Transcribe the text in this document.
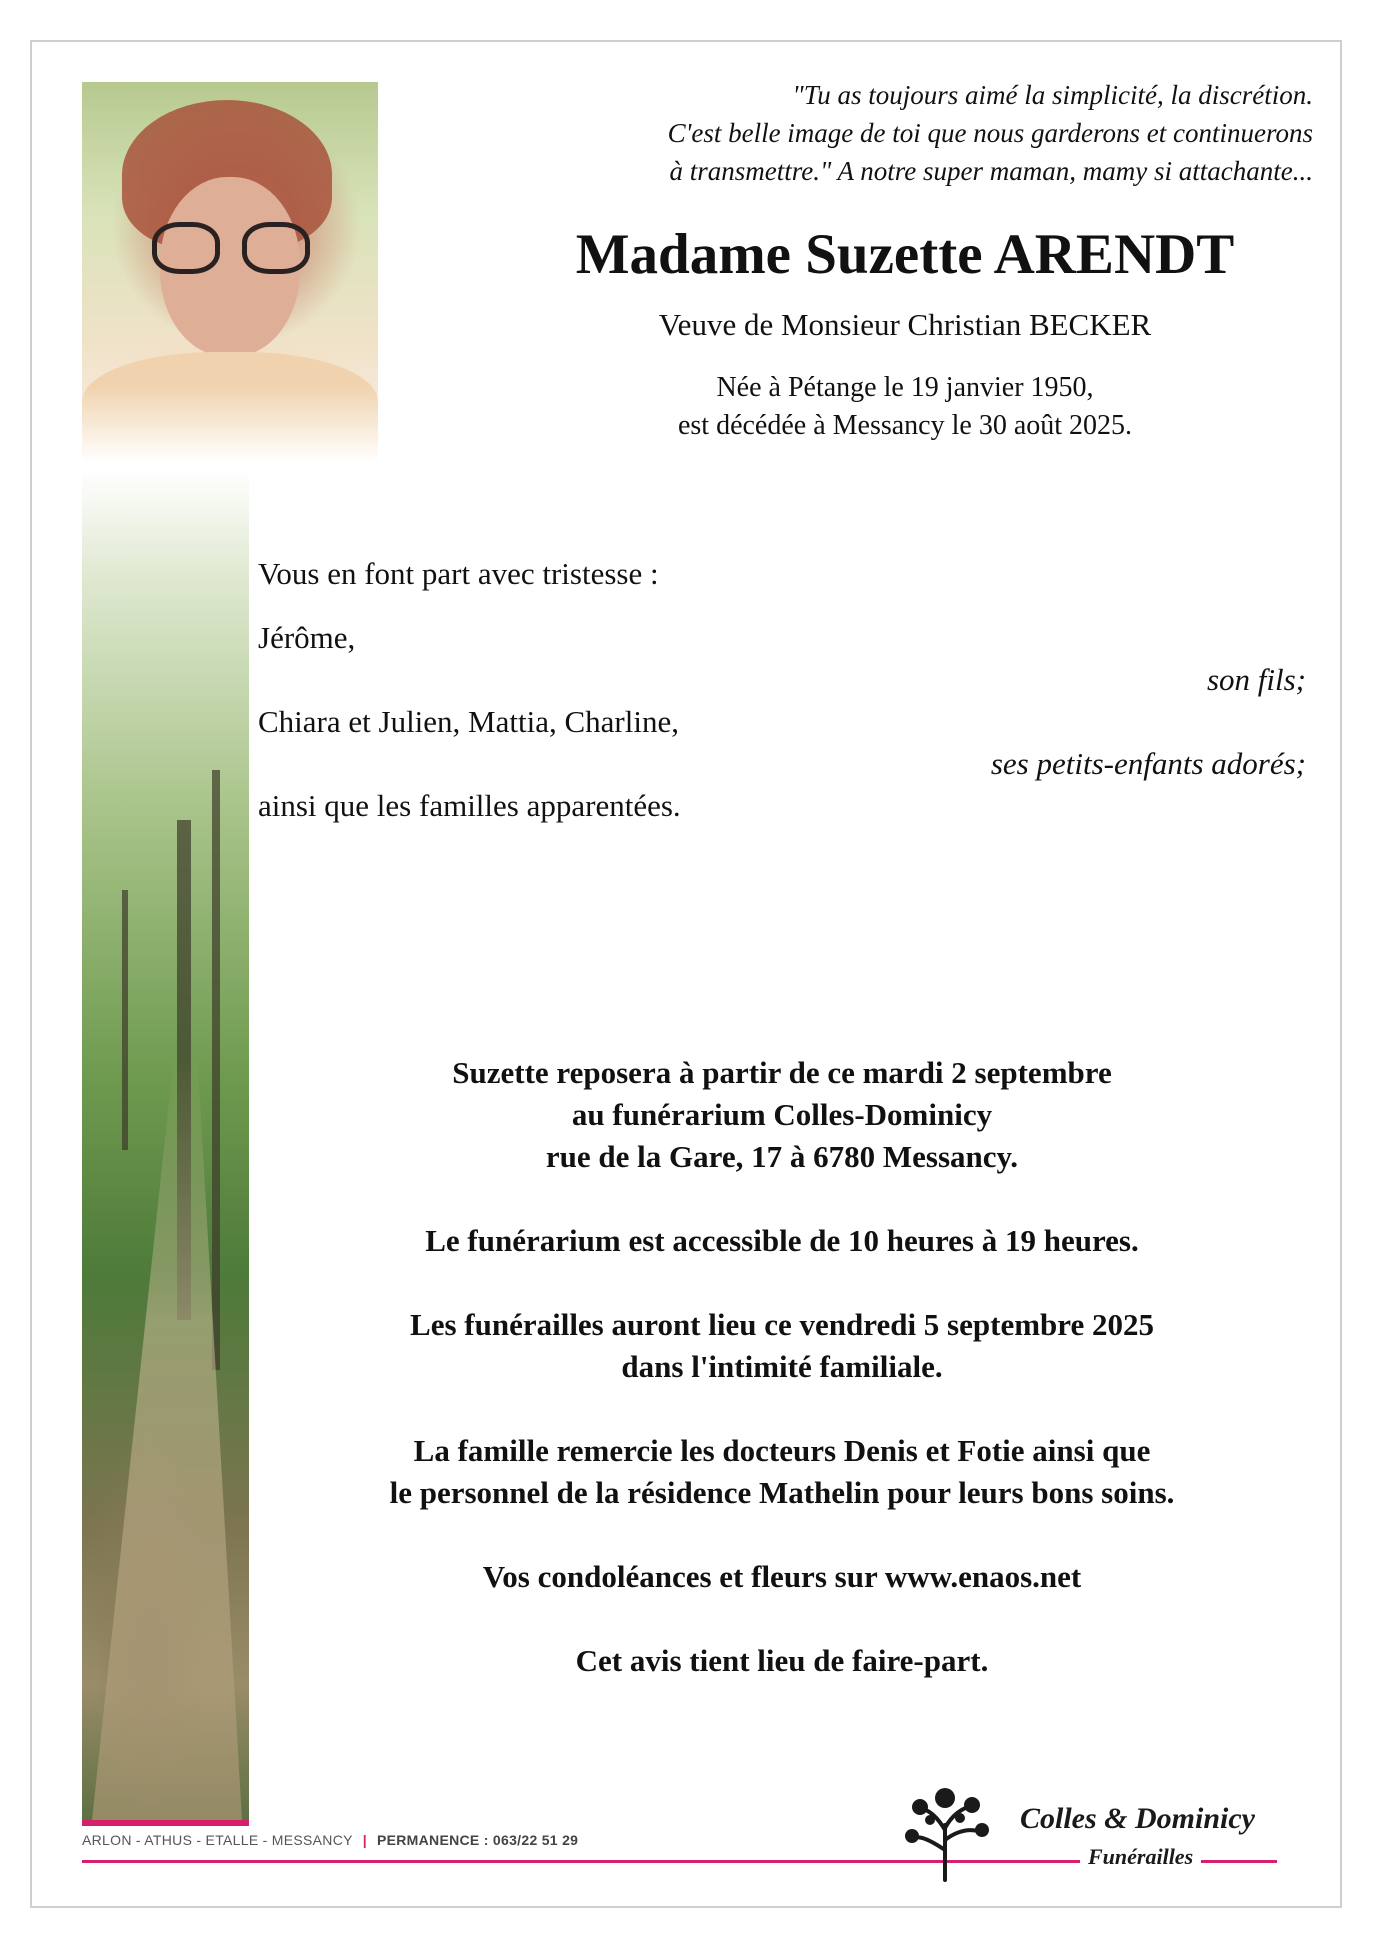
"Tu as toujours aimé la simplicité, la discrétion.
C'est belle image de toi que nous garderons et continuerons
à transmettre." A notre super maman, mamy si attachante...
Madame Suzette ARENDT
Veuve de Monsieur Christian BECKER
Née à Pétange le 19 janvier 1950,
est décédée à Messancy le 30 août 2025.
Vous en font part avec tristesse :
Jérôme,
son fils;
Chiara et Julien, Mattia, Charline,
ses petits-enfants adorés;
ainsi que les familles apparentées.

Suzette reposera à partir de ce mardi 2 septembre
au funérarium Colles-Dominicy
rue de la Gare, 17 à 6780 Messancy.

Le funérarium est accessible de 10 heures à 19 heures.

Les funérailles auront lieu ce vendredi 5 septembre 2025
dans l'intimité familiale.

La famille remercie les docteurs Denis et Fotie ainsi que
le personnel de la résidence Mathelin pour leurs bons soins.

Vos condoléances et fleurs sur www.enaos.net

Cet avis tient lieu de faire-part.

ARLON - ATHUS - ETALLE - MESSANCY | PERMANENCE : 063/22 51 29
Colles & Dominicy
Funérailles
